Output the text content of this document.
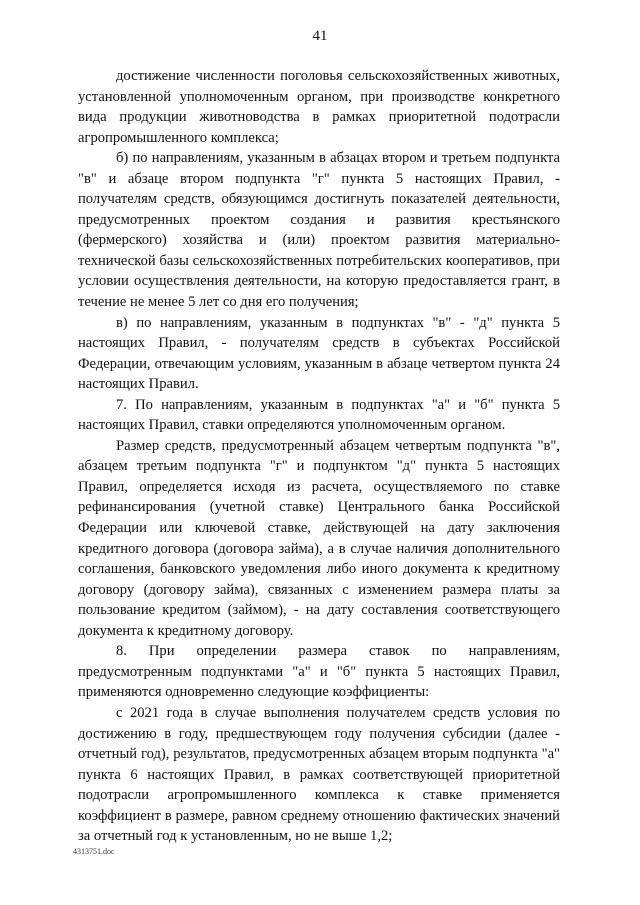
41

достижение численности поголовья сельскохозяйственных животных, установленной уполномоченным органом, при производстве конкретного вида продукции животноводства в рамках приоритетной подотрасли агропромышленного комплекса;

б) по направлениям, указанным в абзацах втором и третьем подпункта "в" и абзаце втором подпункта "г" пункта 5 настоящих Правил, - получателям средств, обязующимся достигнуть показателей деятельности, предусмотренных проектом создания и развития крестьянского (фермерского) хозяйства и (или) проектом развития материально-технической базы сельскохозяйственных потребительских кооперативов, при условии осуществления деятельности, на которую предоставляется грант, в течение не менее 5 лет со дня его получения;

в) по направлениям, указанным в подпунктах "в" - "д" пункта 5 настоящих Правил, - получателям средств в субъектах Российской Федерации, отвечающим условиям, указанным в абзаце четвертом пункта 24 настоящих Правил.

7. По направлениям, указанным в подпунктах "а" и "б" пункта 5 настоящих Правил, ставки определяются уполномоченным органом.

Размер средств, предусмотренный абзацем четвертым подпункта "в", абзацем третьим подпункта "г" и подпунктом "д" пункта 5 настоящих Правил, определяется исходя из расчета, осуществляемого по ставке рефинансирования (учетной ставке) Центрального банка Российской Федерации или ключевой ставке, действующей на дату заключения кредитного договора (договора займа), а в случае наличия дополнительного соглашения, банковского уведомления либо иного документа к кредитному договору (договору займа), связанных с изменением размера платы за пользование кредитом (займом), - на дату составления соответствующего документа к кредитному договору.

8. При определении размера ставок по направлениям, предусмотренным подпунктами "а" и "б" пункта 5 настоящих Правил, применяются одновременно следующие коэффициенты:

с 2021 года в случае выполнения получателем средств условия по достижению в году, предшествующем году получения субсидии (далее - отчетный год), результатов, предусмотренных абзацем вторым подпункта "а" пункта 6 настоящих Правил, в рамках соответствующей приоритетной подотрасли агропромышленного комплекса к ставке применяется коэффициент в размере, равном среднему отношению фактических значений за отчетный год к установленным, но не выше 1,2;

4313751.doc
